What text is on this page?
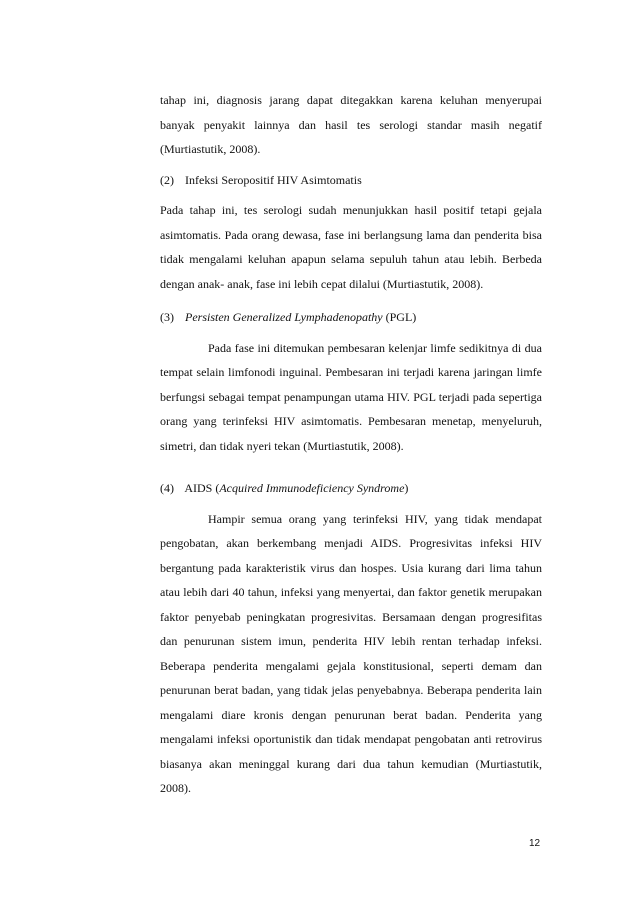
tahap ini, diagnosis jarang dapat ditegakkan karena keluhan menyerupai banyak penyakit lainnya dan hasil tes serologi standar masih negatif (Murtiastutik, 2008).

(2) Infeksi Seropositif HIV Asimtomatis

Pada tahap ini, tes serologi sudah menunjukkan hasil positif tetapi gejala asimtomatis. Pada orang dewasa, fase ini berlangsung lama dan penderita bisa tidak mengalami keluhan apapun selama sepuluh tahun atau lebih. Berbeda dengan anak- anak, fase ini lebih cepat dilalui (Murtiastutik, 2008).

(3) Persisten Generalized Lymphadenopathy (PGL)

Pada fase ini ditemukan pembesaran kelenjar limfe sedikitnya di dua tempat selain limfonodi inguinal. Pembesaran ini terjadi karena jaringan limfe berfungsi sebagai tempat penampungan utama HIV. PGL terjadi pada sepertiga orang yang terinfeksi HIV asimtomatis. Pembesaran menetap, menyeluruh, simetri, dan tidak nyeri tekan (Murtiastutik, 2008).

(4) AIDS (Acquired Immunodeficiency Syndrome)

Hampir semua orang yang terinfeksi HIV, yang tidak mendapat pengobatan, akan berkembang menjadi AIDS. Progresivitas infeksi HIV bergantung pada karakteristik virus dan hospes. Usia kurang dari lima tahun atau lebih dari 40 tahun, infeksi yang menyertai, dan faktor genetik merupakan faktor penyebab peningkatan progresivitas. Bersamaan dengan progresifitas dan penurunan sistem imun, penderita HIV lebih rentan terhadap infeksi. Beberapa penderita mengalami gejala konstitusional, seperti demam dan penurunan berat badan, yang tidak jelas penyebabnya. Beberapa penderita lain mengalami diare kronis dengan penurunan berat badan. Penderita yang mengalami infeksi oportunistik dan tidak mendapat pengobatan anti retrovirus biasanya akan meninggal kurang dari dua tahun kemudian (Murtiastutik, 2008).

12
